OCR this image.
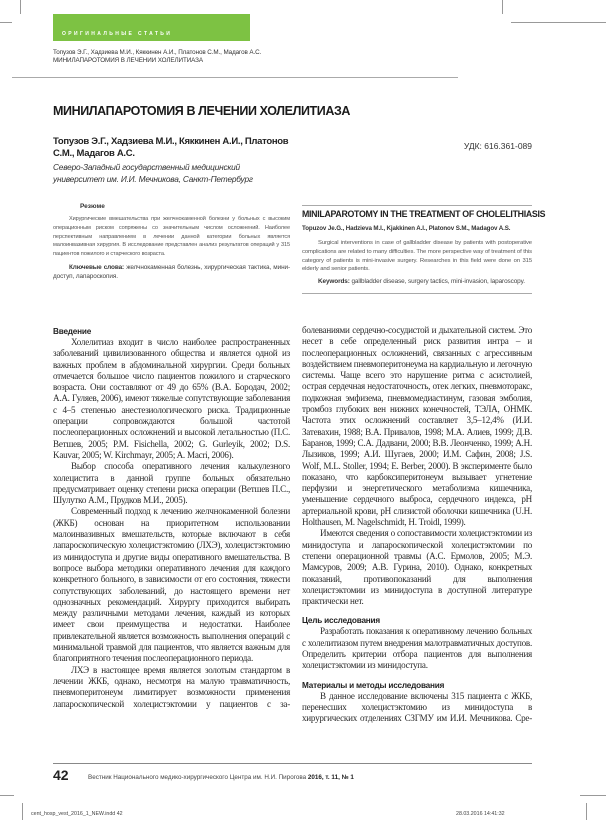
ОРИГИНАЛЬНЫЕ СТАТЬИ
Топузов Э.Г., Хадзиева М.И., Кяккинен А.И., Платонов С.М., Мадагов А.С.
МИНИЛАПАРОТОМИЯ В ЛЕЧЕНИИ ХОЛЕЛИТИАЗА
МИНИЛАПАРОТОМИЯ В ЛЕЧЕНИИ ХОЛЕЛИТИАЗА
Топузов Э.Г., Хадзиева М.И., Кяккинен А.И., Платонов С.М., Мадагов А.С.
Северо-Западный государственный медицинский университет им. И.И. Мечникова, Санкт-Петербург
УДК: 616.361-089
Резюме

Хирургические вмешательства при желчнокаменной болезни у больных с высоким операционным риском сопряжены со значительным числом осложнений. Наиболее перспективным направлением в лечении данной категории больных является малоинвазивная хирургия. В исследование представлен анализ результатов операций у 315 пациентов пожилого и старческого возраста.

Ключевые слова: желчнокаменная болезнь, хирургическая тактика, мини-доступ, лапароскопия.

MINILAPAROTOMY IN THE TREATMENT OF CHOLELITHIASIS
Topuzov Je.G., Hadzieva M.I., Kjakkinen A.I., Platonov S.M., Madagov A.S.

Surgical interventions in case of gallbladder disease by patients with postoperative complications are related to many difficulties. The more perspective way of treatment of this category of patients is mini-invasive surgery. Researches in this field were done on 315 elderly and senior patients.

Keywords: gallbladder disease, surgery tactics, mini-invasion, laparoscopy.

Введение

Холелитиаз входит в число наиболее распространенных заболеваний цивилизованного общества и является одной из важных проблем в абдоминальной хирургии. Среди больных отмечается большое число пациентов пожилого и старческого возраста. Они составляют от 49 до 65% (В.А. Бородач, 2002; А.А. Гуляев, 2006), имеют тяжелые сопутствующие заболевания с 4–5 степенью анестезиологического риска. Традиционные операции сопровождаются большой частотой послеоперационных осложнений и высокой летальностью (П.С. Ветшев, 2005; P.M. Fisichella, 2002; G. Gurleyik, 2002; D.S. Kauvar, 2005; W. Kirchmayr, 2005; A. Macri, 2006).

Выбор способа оперативного лечения калькулезного холецистита в данной группе больных обязательно предусматривает оценку степени риска операции (Ветшев П.С., Шулутко А.М., Прудков М.И., 2005).

Современный подход к лечению желчнокаменной болезни (ЖКБ) основан на приоритетном использовании малоинвазивных вмешательств, которые включают в себя лапароскопическую холецистэктомию (ЛХЭ), холецистэктомию из минидоступа и другие виды оперативного вмешательства. В вопросе выбора методики оперативного лечения для каждого конкретного больного, в зависимости от его состояния, тяжести сопутствующих заболеваний, до настоящего времени нет однозначных рекомендаций. Хирургу приходится выбирать между различными методами лечения, каждый из которых имеет свои преимущества и недостатки. Наиболее привлекательной является возможность выполнения операций с минимальной травмой для пациентов, что является важным для благоприятного течения послеоперационного периода.

ЛХЭ в настоящее время является золотым стандартом в лечении ЖКБ, однако, несмотря на малую травматичность, пневмоперитонеум лимитирует возможности применения лапароскопической холецистэктомии у пациентов с за-

болеваниями сердечно-сосудистой и дыхательной систем. Это несет в себе определенный риск развития интра – и послеоперационных осложнений, связанных с агрессивным воздействием пневмоперитонеума на кардиальную и легочную системы. Чаще всего это нарушение ритма с асистолией, острая сердечная недостаточность, отек легких, пневмоторакс, подкожная эмфизема, пневмомедиастинум, газовая эмболия, тромбоз глубоких вен нижних конечностей, ТЭЛА, ОНМК. Частота этих осложнений составляет 3,5–12,4% (И.И. Затевахин, 1988; В.А. Привалов, 1998; М.А. Алиев, 1999; Д.В. Баранов, 1999; С.А. Дадвани, 2000; В.В. Леонченко, 1999; А.Н. Лызиков, 1999; А.И. Шугаев, 2000; И.М. Сафин, 2008; J.S. Wolf, M.L. Stoller, 1994; E. Berber, 2000). В эксперименте было показано, что карбоксиперитонеум вызывает угнетение перфузии и энергетического метаболизма кишечника, уменьшение сердечного выброса, сердечного индекса, pH артериальной крови, pH слизистой оболочки кишечника (U.H. Holthausen, M. Nagelschmidt, H. Troidl, 1999).

Имеются сведения о сопоставимости холецистэктомии из минидоступа и лапароскопической холецистэктомии по степени операционной травмы (А.С. Ермолов, 2005; М.Э. Мамсуров, 2009; А.В. Гурина, 2010). Однако, конкретных показаний, противопоказаний для выполнения холецистэктомии из минидоступа в доступной литературе практически нет.

Цель исследования

Разработать показания к оперативному лечению больных с холелитиазом путем внедрения малотравматичных доступов. Определить критерии отбора пациентов для выполнения холецистэктомии из минидоступа.

Материалы и методы исследования

В данное исследование включены 315 пациента с ЖКБ, перенесших холецистэктомию из минидоступа в хирургических отделениях СЗГМУ им И.И. Мечникова. Сре-

42	Вестник Национального медико-хирургического Центра им. Н.И. Пирогова 2016, т. 11, № 1
cent_hosp_vest_2016_1_NEW.indd 42	28.03.2016 14:41:32
